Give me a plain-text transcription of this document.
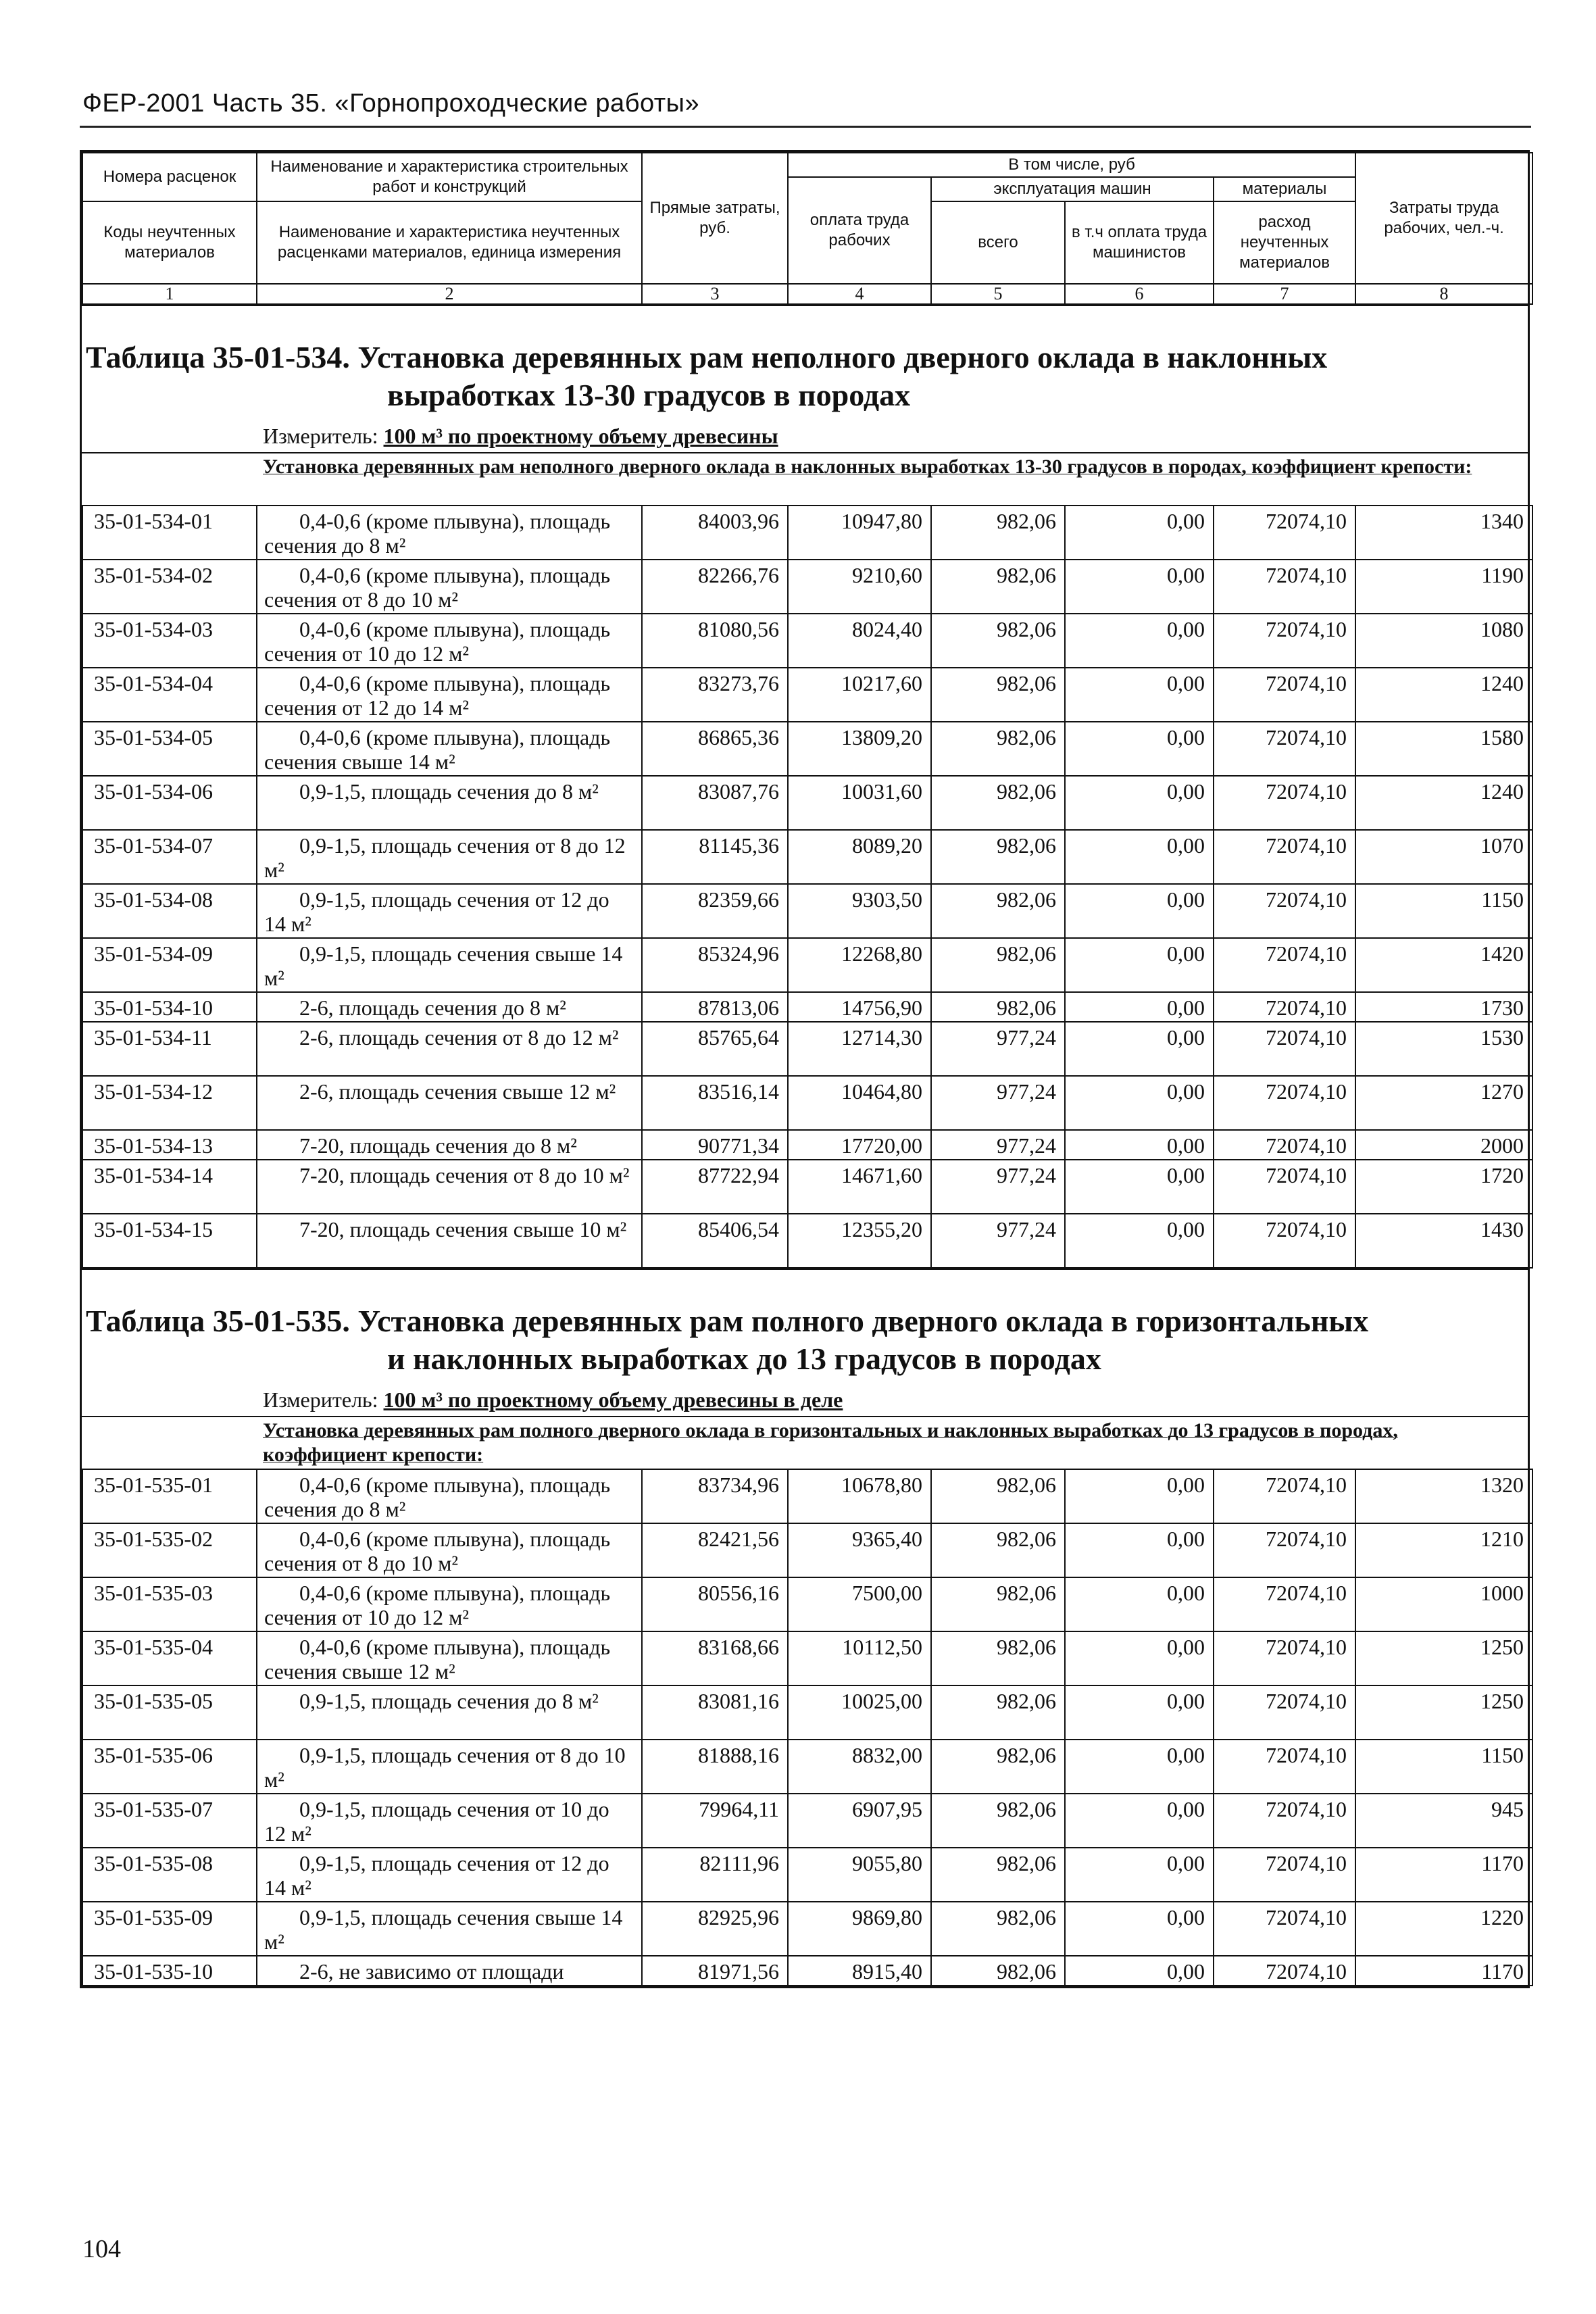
ФЕР-2001 Часть 35. «Горнопроходческие работы»
Номера расценок	Наименование и характеристика строительных работ и конструкций	Прямые затраты, руб.	В том числе, руб				Затраты труда рабочих, чел.-ч.
			оплата труда рабочих	эксплуатация машин		материалы	
Коды неучтенных материалов	Наименование и характеристика неучтенных расценками материалов, единица измерения			всего	в т.ч оплата труда машинистов	расход неучтенных материалов	

1	2	3	4	5	6	7	8
Таблица 35-01-534. Установка деревянных рам неполного дверного оклада в наклонных
выработках 13-30 градусов в породах
Измеритель: 100 м³ по проектному объему древесины
Установка деревянных рам неполного дверного оклада в наклонных выработках 13-30 градусов в породах, коэффициент крепости:
35-01-534-01	0,4-0,6 (кроме плывуна), площадь сечения до 8 м²	84003,96	10947,80	982,06	0,00	72074,10	1340
35-01-534-02	0,4-0,6 (кроме плывуна), площадь сечения от 8 до 10 м²	82266,76	9210,60	982,06	0,00	72074,10	1190
35-01-534-03	0,4-0,6 (кроме плывуна), площадь сечения от 10 до 12 м²	81080,56	8024,40	982,06	0,00	72074,10	1080
35-01-534-04	0,4-0,6 (кроме плывуна), площадь сечения от 12 до 14 м²	83273,76	10217,60	982,06	0,00	72074,10	1240
35-01-534-05	0,4-0,6 (кроме плывуна), площадь сечения свыше 14 м²	86865,36	13809,20	982,06	0,00	72074,10	1580
35-01-534-06	0,9-1,5, площадь сечения до 8 м²	83087,76	10031,60	982,06	0,00	72074,10	1240
35-01-534-07	0,9-1,5, площадь сечения от 8 до 12 м²	81145,36	8089,20	982,06	0,00	72074,10	1070
35-01-534-08	0,9-1,5, площадь сечения от 12 до 14 м²	82359,66	9303,50	982,06	0,00	72074,10	1150
35-01-534-09	0,9-1,5, площадь сечения свыше 14 м²	85324,96	12268,80	982,06	0,00	72074,10	1420
35-01-534-10	2-6, площадь сечения до 8 м²	87813,06	14756,90	982,06	0,00	72074,10	1730
35-01-534-11	2-6, площадь сечения от 8 до 12 м²	85765,64	12714,30	977,24	0,00	72074,10	1530
35-01-534-12	2-6, площадь сечения свыше 12 м²	83516,14	10464,80	977,24	0,00	72074,10	1270
35-01-534-13	7-20, площадь сечения до 8 м²	90771,34	17720,00	977,24	0,00	72074,10	2000
35-01-534-14	7-20, площадь сечения от 8 до 10 м²	87722,94	14671,60	977,24	0,00	72074,10	1720
35-01-534-15	7-20, площадь сечения свыше 10 м²	85406,54	12355,20	977,24	0,00	72074,10	1430
Таблица 35-01-535. Установка деревянных рам полного дверного оклада в горизонтальных
и наклонных выработках до 13 градусов в породах
Измеритель: 100 м³ по проектному объему древесины в деле
Установка деревянных рам полного дверного оклада в горизонтальных и наклонных выработках до 13 градусов в породах, коэффициент крепости:
35-01-535-01	0,4-0,6 (кроме плывуна), площадь сечения до 8 м²	83734,96	10678,80	982,06	0,00	72074,10	1320
35-01-535-02	0,4-0,6 (кроме плывуна), площадь сечения от 8 до 10 м²	82421,56	9365,40	982,06	0,00	72074,10	1210
35-01-535-03	0,4-0,6 (кроме плывуна), площадь сечения от 10 до 12 м²	80556,16	7500,00	982,06	0,00	72074,10	1000
35-01-535-04	0,4-0,6 (кроме плывуна), площадь сечения свыше 12 м²	83168,66	10112,50	982,06	0,00	72074,10	1250
35-01-535-05	0,9-1,5, площадь сечения до 8 м²	83081,16	10025,00	982,06	0,00	72074,10	1250
35-01-535-06	0,9-1,5, площадь сечения от 8 до 10 м²	81888,16	8832,00	982,06	0,00	72074,10	1150
35-01-535-07	0,9-1,5, площадь сечения от 10 до 12 м²	79964,11	6907,95	982,06	0,00	72074,10	945
35-01-535-08	0,9-1,5, площадь сечения от 12 до 14 м²	82111,96	9055,80	982,06	0,00	72074,10	1170
35-01-535-09	0,9-1,5, площадь сечения свыше 14 м²	82925,96	9869,80	982,06	0,00	72074,10	1220
35-01-535-10	2-6, не зависимо от площади	81971,56	8915,40	982,06	0,00	72074,10	1170
104
